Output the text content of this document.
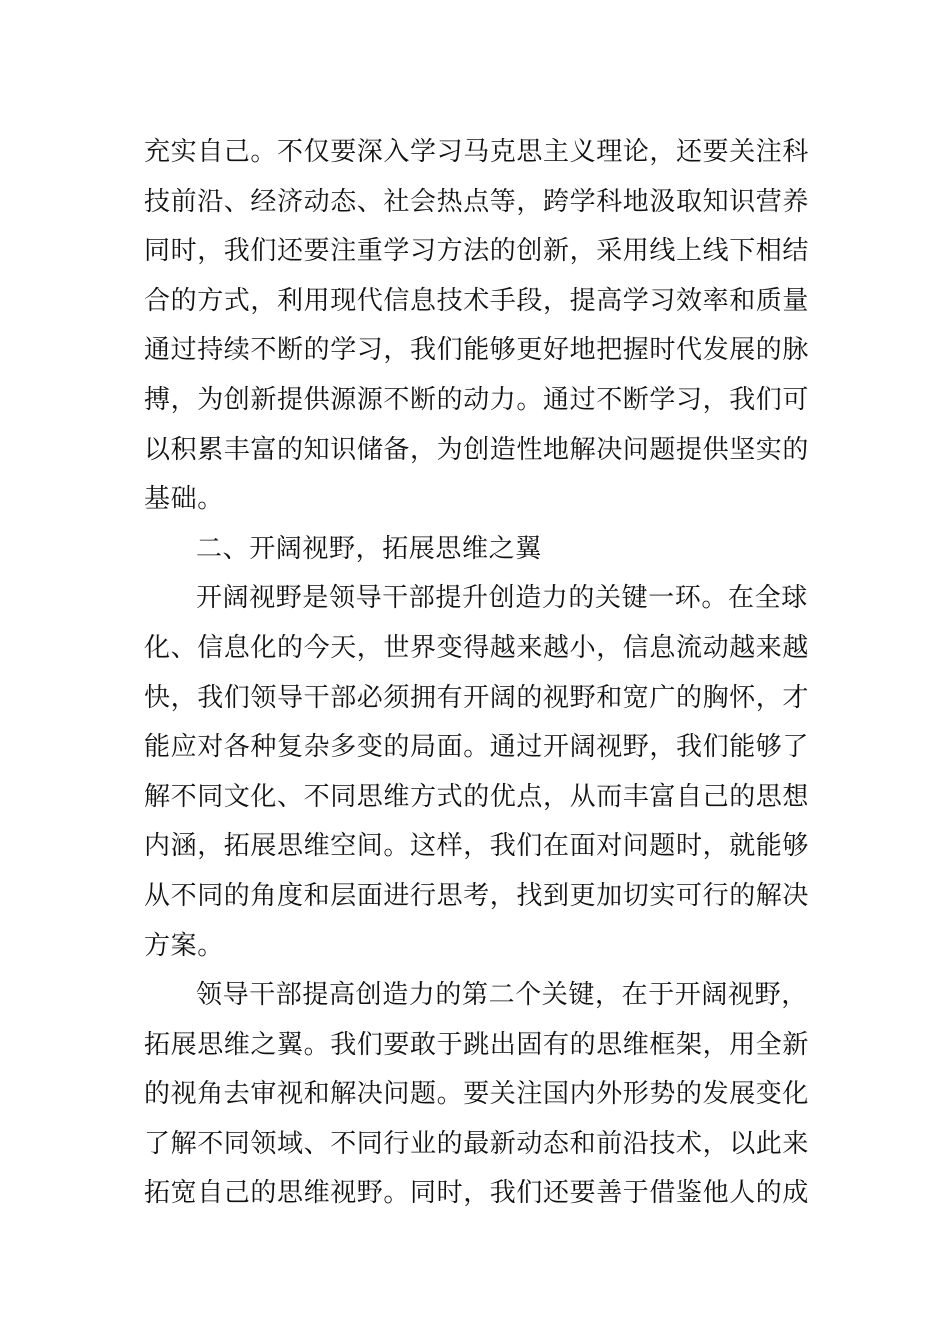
充实自己。不仅要深入学习马克思主义理论，还要关注科
技前沿、经济动态、社会热点等，跨学科地汲取知识营养
同时，我们还要注重学习方法的创新，采用线上线下相结
合的方式，利用现代信息技术手段，提高学习效率和质量
通过持续不断的学习，我们能够更好地把握时代发展的脉
搏，为创新提供源源不断的动力。通过不断学习，我们可
以积累丰富的知识储备，为创造性地解决问题提供坚实的
基础。
二、开阔视野，拓展思维之翼
开阔视野是领导干部提升创造力的关键一环。在全球
化、信息化的今天，世界变得越来越小，信息流动越来越
快，我们领导干部必须拥有开阔的视野和宽广的胸怀，才
能应对各种复杂多变的局面。通过开阔视野，我们能够了
解不同文化、不同思维方式的优点，从而丰富自己的思想
内涵，拓展思维空间。这样，我们在面对问题时，就能够
从不同的角度和层面进行思考，找到更加切实可行的解决
方案。
领导干部提高创造力的第二个关键，在于开阔视野，
拓展思维之翼。我们要敢于跳出固有的思维框架，用全新
的视角去审视和解决问题。要关注国内外形势的发展变化
了解不同领域、不同行业的最新动态和前沿技术，以此来
拓宽自己的思维视野。同时，我们还要善于借鉴他人的成
